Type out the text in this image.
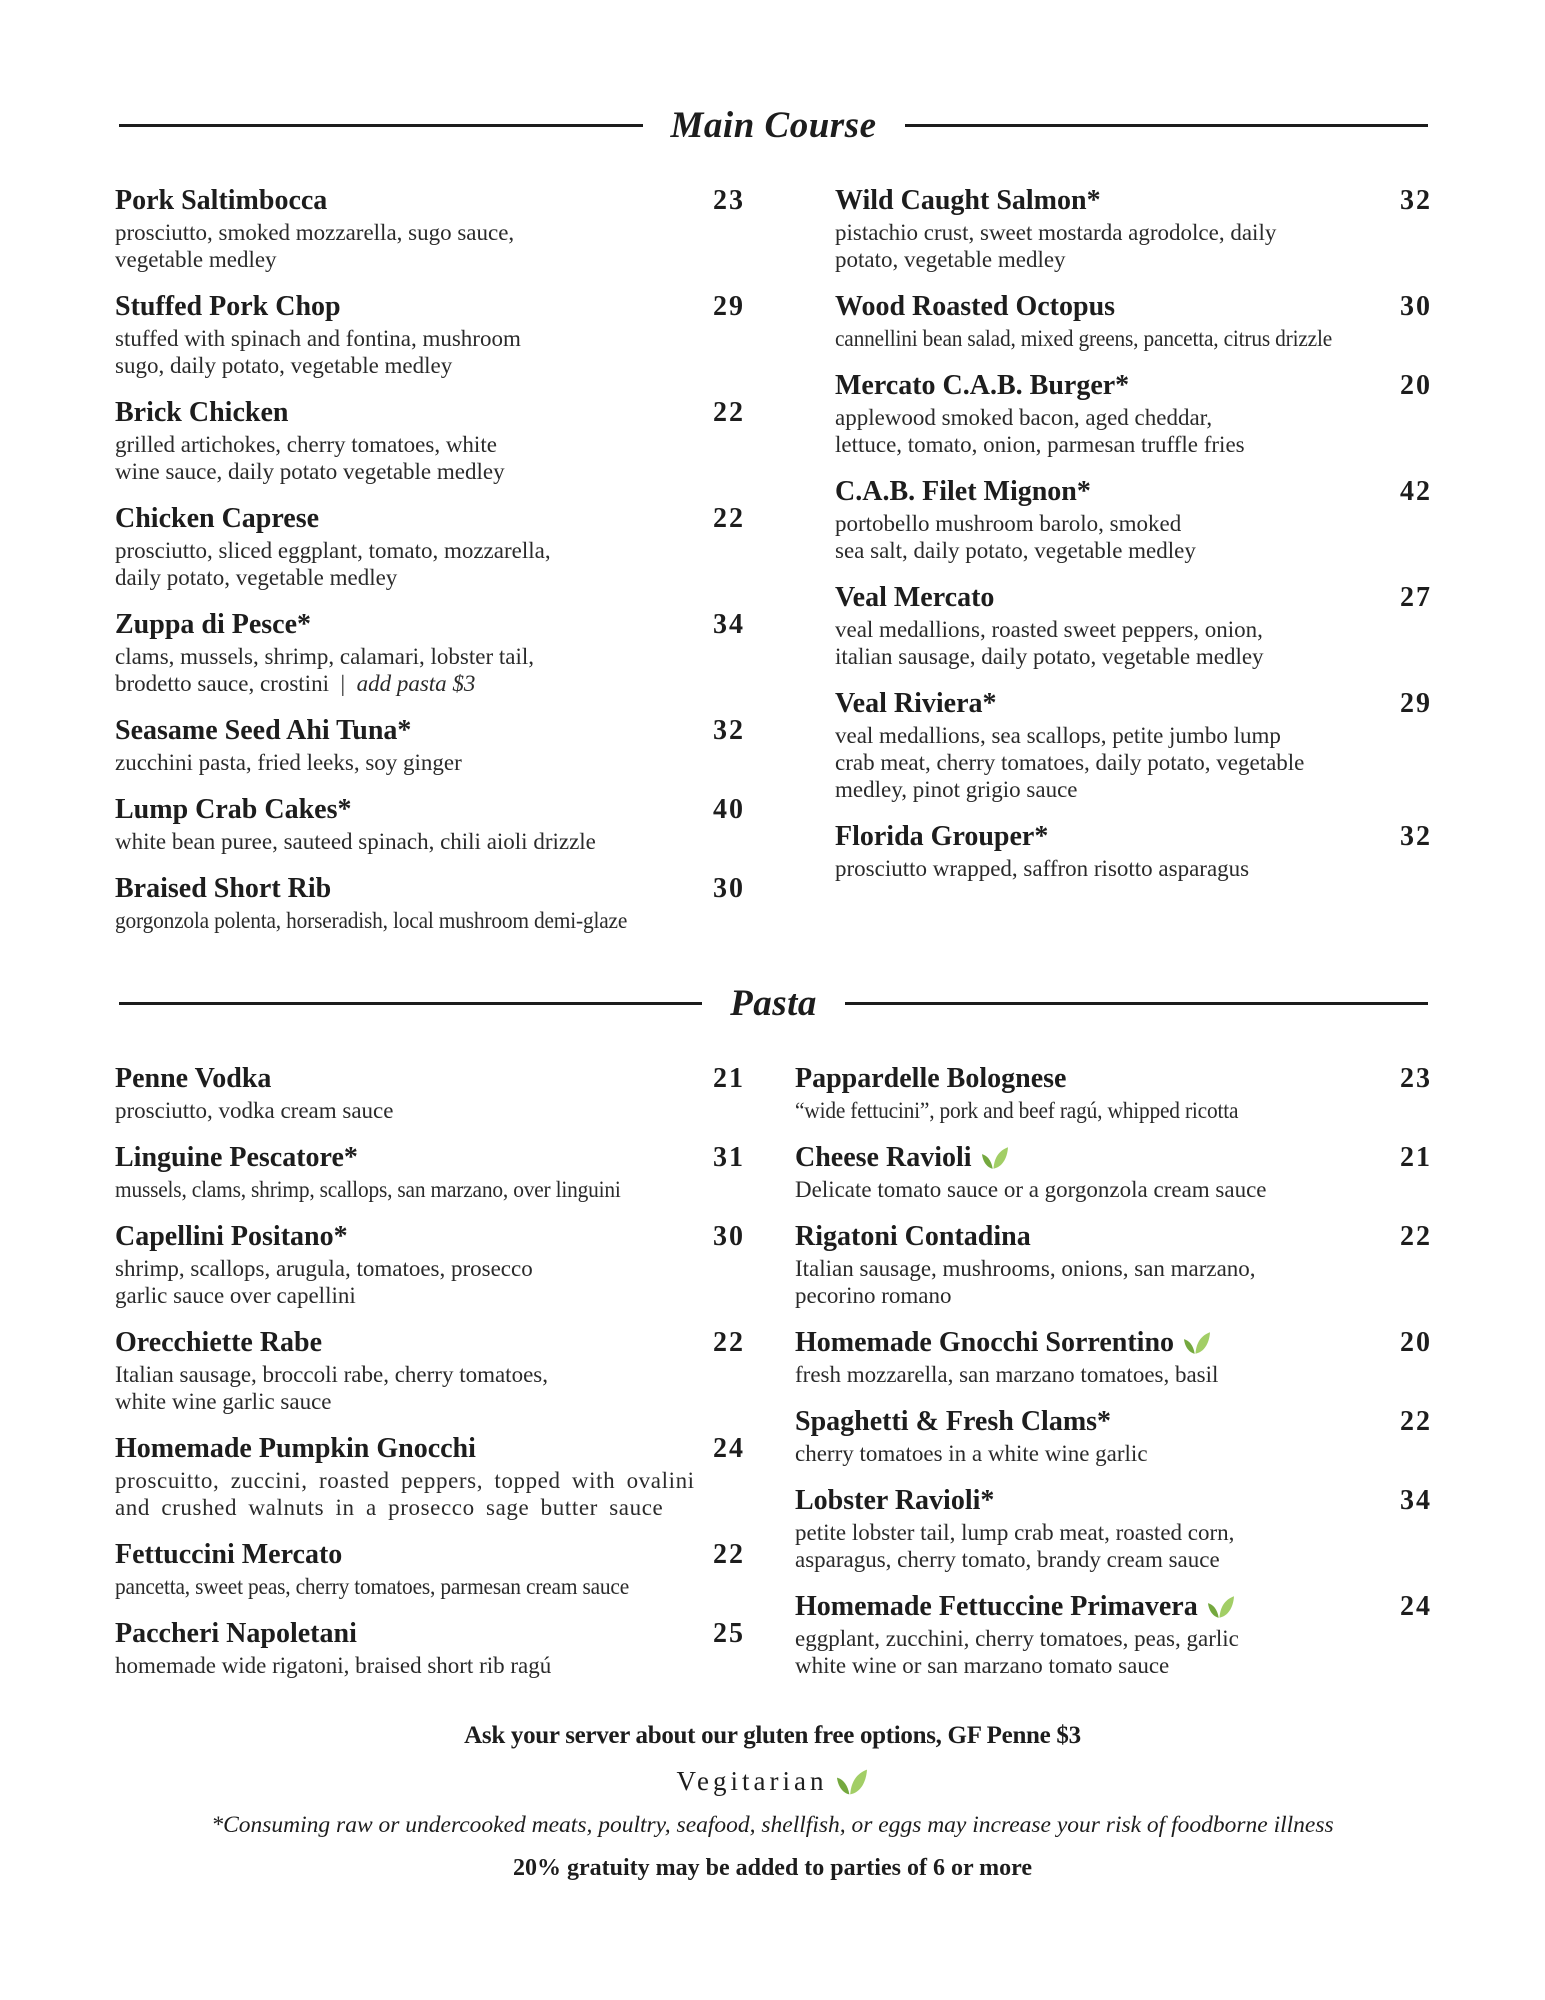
Main Course
Pork Saltimbocca	23
prosciutto, smoked mozzarella, sugo sauce,
vegetable medley
Stuffed Pork Chop	29
stuffed with spinach and fontina, mushroom
sugo, daily potato, vegetable medley
Brick Chicken	22
grilled artichokes, cherry tomatoes, white
wine sauce, daily potato vegetable medley
Chicken Caprese	22
prosciutto, sliced eggplant, tomato, mozzarella,
daily potato, vegetable medley
Zuppa di Pesce*	34
clams, mussels, shrimp, calamari, lobster tail,
brodetto sauce, crostini | add pasta $3
Seasame Seed Ahi Tuna*	32
zucchini pasta, fried leeks, soy ginger
Lump Crab Cakes*	40
white bean puree, sauteed spinach, chili aioli drizzle
Braised Short Rib	30
gorgonzola polenta, horseradish, local mushroom demi-glaze
Wild Caught Salmon*	32
pistachio crust, sweet mostarda agrodolce, daily
potato, vegetable medley
Wood Roasted Octopus	30
cannellini bean salad, mixed greens, pancetta, citrus drizzle
Mercato C.A.B. Burger*	20
applewood smoked bacon, aged cheddar,
lettuce, tomato, onion, parmesan truffle fries
C.A.B. Filet Mignon*	42
portobello mushroom barolo, smoked
sea salt, daily potato, vegetable medley
Veal Mercato	27
veal medallions, roasted sweet peppers, onion,
italian sausage, daily potato, vegetable medley
Veal Riviera*	29
veal medallions, sea scallops, petite jumbo lump
crab meat, cherry tomatoes, daily potato, vegetable
medley, pinot grigio sauce
Florida Grouper*	32
prosciutto wrapped, saffron risotto asparagus
Pasta
Penne Vodka	21
prosciutto, vodka cream sauce
Linguine Pescatore*	31
mussels, clams, shrimp, scallops, san marzano, over linguini
Capellini Positano*	30
shrimp, scallops, arugula, tomatoes, prosecco
garlic sauce over capellini
Orecchiette Rabe	22
Italian sausage, broccoli rabe, cherry tomatoes,
white wine garlic sauce
Homemade Pumpkin Gnocchi	24
proscuitto, zuccini, roasted peppers, topped with ovalini
and crushed walnuts in a prosecco sage butter sauce
Fettuccini Mercato	22
pancetta, sweet peas, cherry tomatoes, parmesan cream sauce
Paccheri Napoletani	25
homemade wide rigatoni, braised short rib ragú
Pappardelle Bolognese	23
“wide fettucini”, pork and beef ragú, whipped ricotta
Cheese Ravioli	21
Delicate tomato sauce or a gorgonzola cream sauce
Rigatoni Contadina	22
Italian sausage, mushrooms, onions, san marzano,
pecorino romano
Homemade Gnocchi Sorrentino	20
fresh mozzarella, san marzano tomatoes, basil
Spaghetti & Fresh Clams*	22
cherry tomatoes in a white wine garlic
Lobster Ravioli*	34
petite lobster tail, lump crab meat, roasted corn,
asparagus, cherry tomato, brandy cream sauce
Homemade Fettuccine Primavera	24
eggplant, zucchini, cherry tomatoes, peas, garlic
white wine or san marzano tomato sauce
Ask your server about our gluten free options, GF Penne $3
Vegitarian
*Consuming raw or undercooked meats, poultry, seafood, shellfish, or eggs may increase your risk of foodborne illness
20% gratuity may be added to parties of 6 or more
